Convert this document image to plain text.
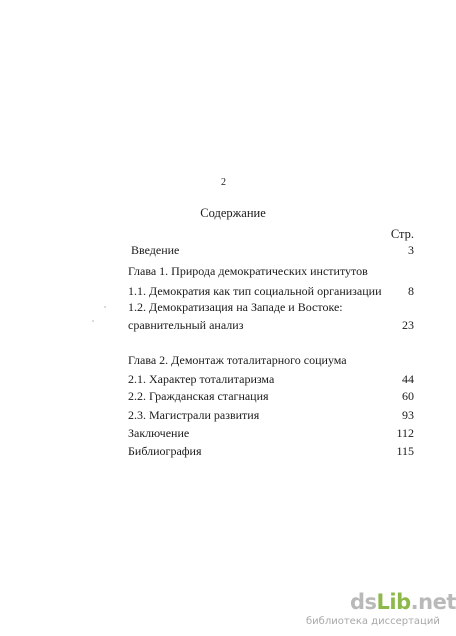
2
Содержание
Стр.
Введение	3
Глава 1. Природа демократических институтов
1.1. Демократия как тип социальной организации 8
1.2. Демократизация на Западе и Востоке:
сравнительный анализ	23
Глава 2. Демонтаж тоталитарного социума
2.1. Характер тоталитаризма	44
2.2. Гражданская стагнация	60
2.3. Магистрали развития	93
Заключение	112
Библиография	115
dsLib.net
библиотека диссертаций
